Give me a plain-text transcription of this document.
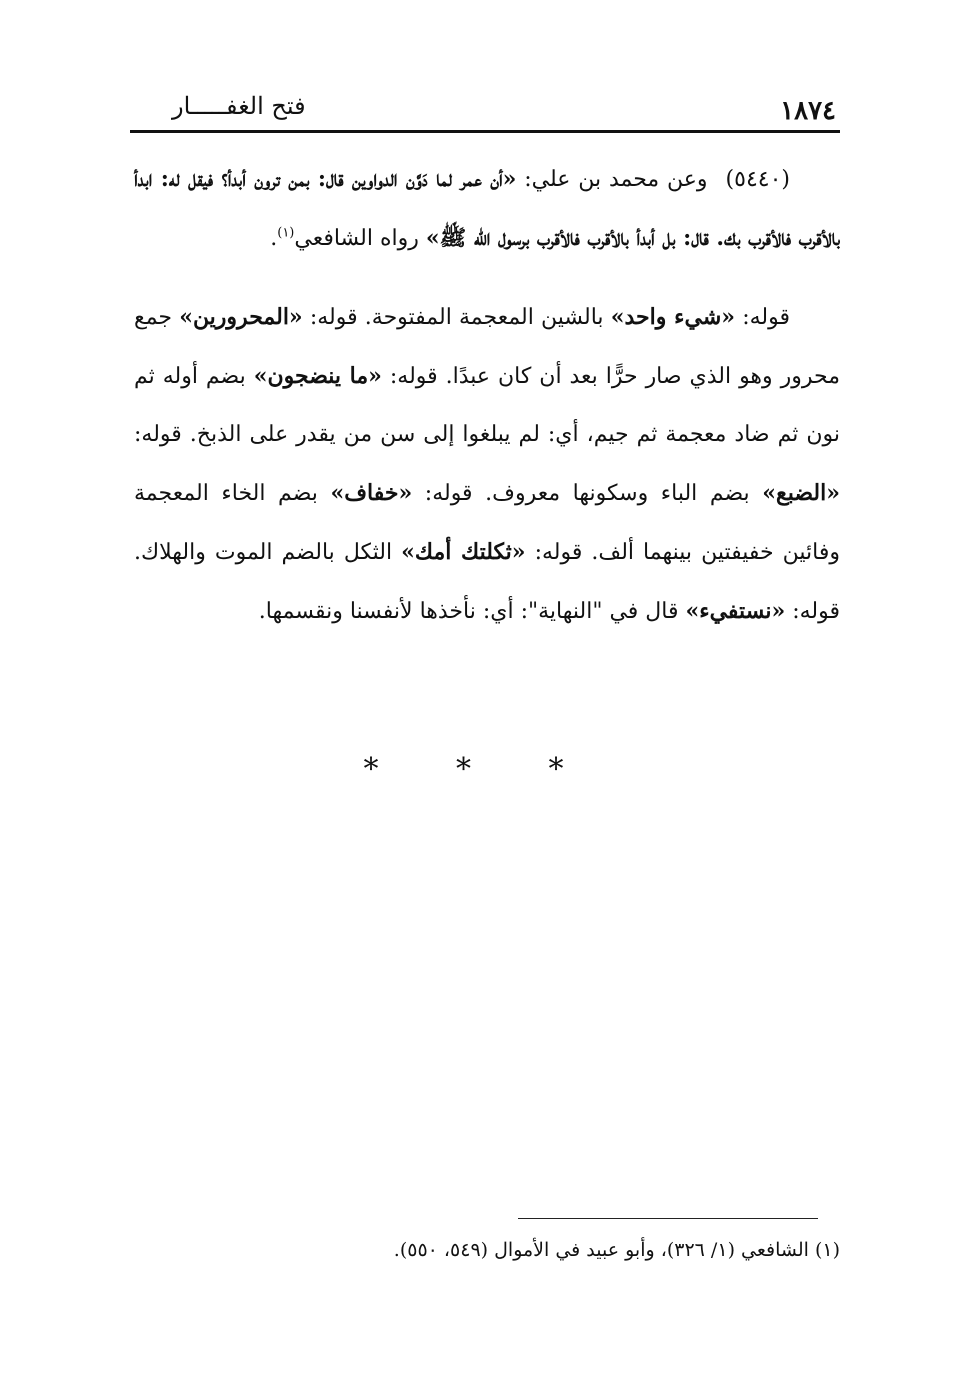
١٨٧٤
فتح الغفـــــار

(٥٤٤٠)وعن محمد بن علي: «أن عمر لما دَوَّن الدواوين قال: بمن ترون أبدأ؟ فيقل له: ابدأ بالأقرب فالأقرب بك. قال: بل أبدأ بالأقرب فالأقرب برسول الله ﷺ» رواه الشافعي$^{(١)}$.

قوله: «شيء واحد» بالشين المعجمة المفتوحة. قوله: «المحرورين» جمع محرور وهو الذي صار حرًّا بعد أن كان عبدًا. قوله: «ما ينضجون» بضم أوله ثم نون ثم ضاد معجمة ثم جيم، أي: لم يبلغوا إلى سن من يقدر على الذبخ. قوله: «الضبع» بضم الباء وسكونها معروف. قوله: «خفاف» بضم الخاء المعجمة وفائين خفيفتين بينهما ألف. قوله: «ثكلتك أمك» الثكل بالضم الموت والهلاك. قوله: «نستفيء» قال في "النهاية": أي: نأخذها لأنفسنا ونقسمها.

* * *
(١) الشافعي (١/ ٣٢٦)، وأبو عبيد في الأموال (٥٤٩، ٥٥٠).
